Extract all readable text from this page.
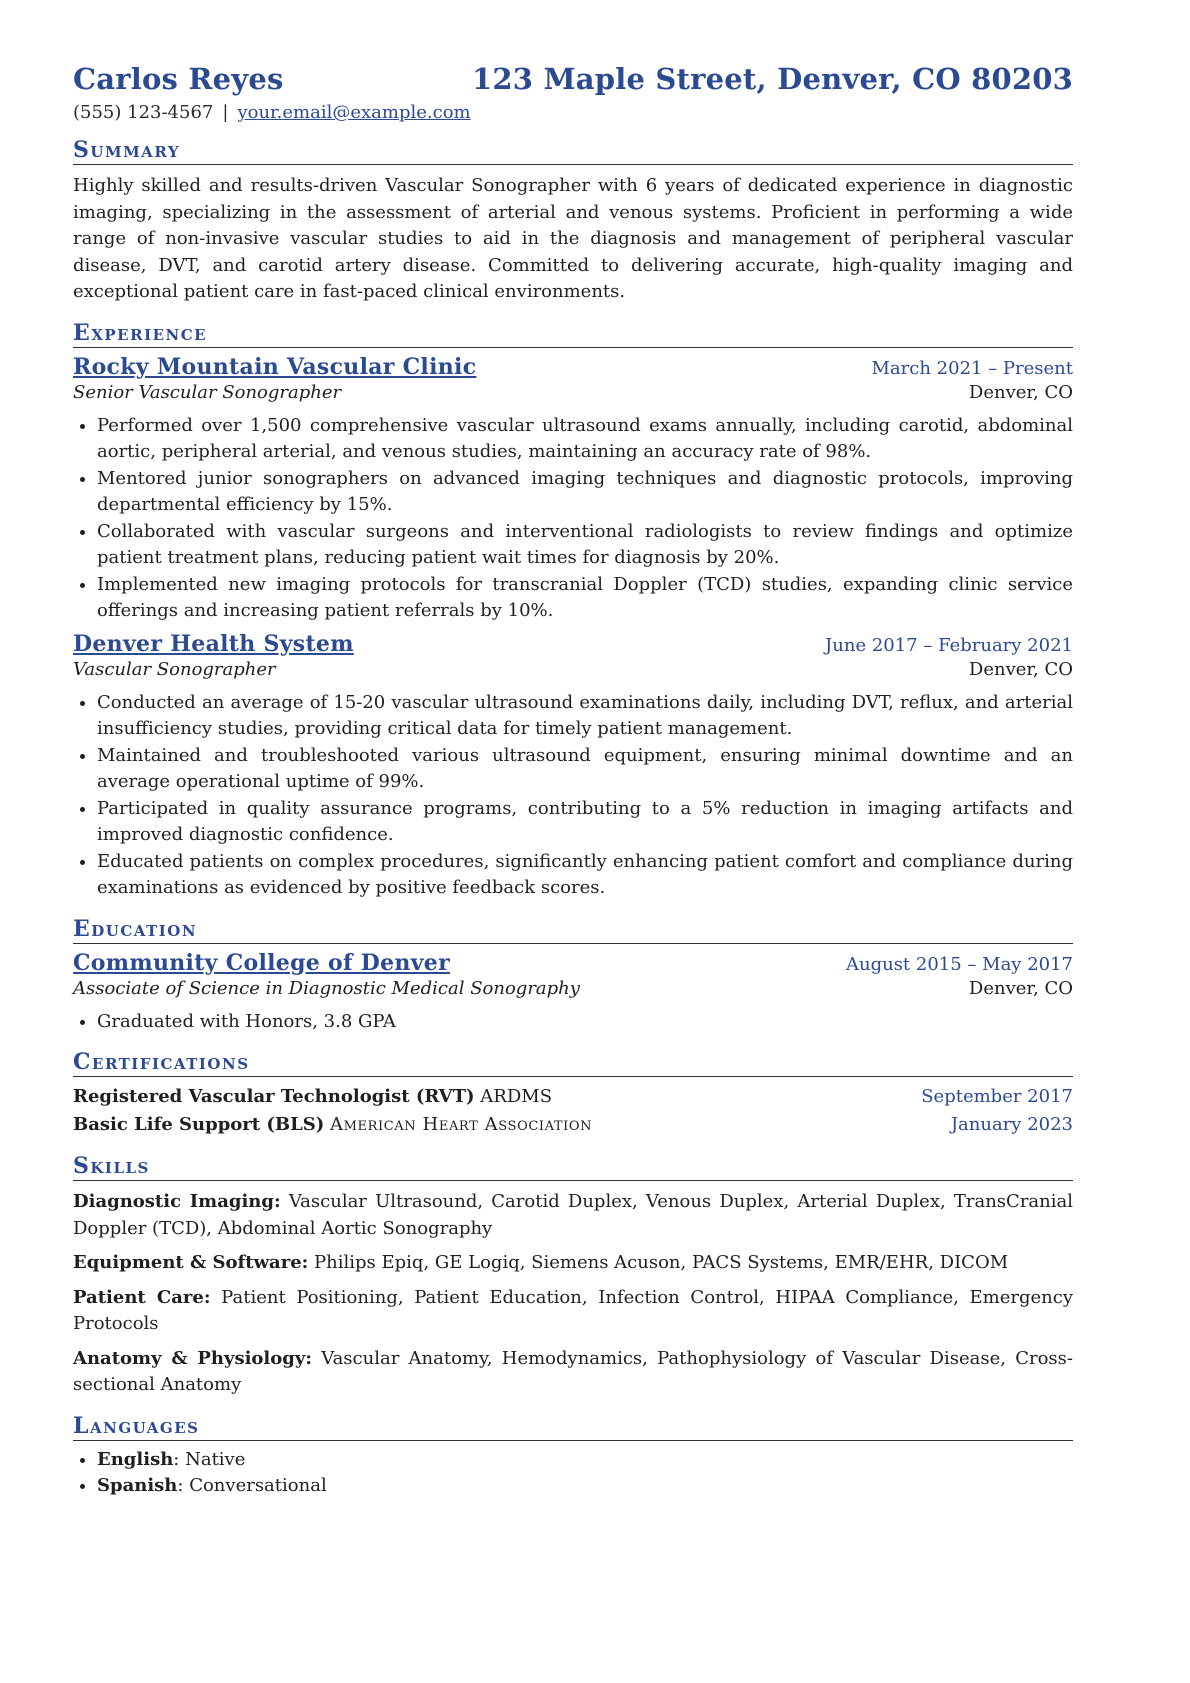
Carlos Reyes	123 Maple Street, Denver, CO 80203
(555) 123-4567 | your.email@example.com
Summary
Highly skilled and results-driven Vascular Sonographer with 6 years of dedicated experience in diagnostic imaging, specializing in the assessment of arterial and venous systems. Proficient in performing a wide range of non-invasive vascular studies to aid in the diagnosis and management of peripheral vascular disease, DVT, and carotid artery disease. Committed to delivering accurate, high-quality imaging and exceptional patient care in fast-paced clinical environments.
Experience
Rocky Mountain Vascular Clinic	March 2021 – Present
Senior Vascular Sonographer	Denver, CO
• Performed over 1,500 comprehensive vascular ultrasound exams annually, including carotid, abdominal aortic, peripheral arterial, and venous studies, maintaining an accuracy rate of 98%.
• Mentored junior sonographers on advanced imaging techniques and diagnostic protocols, improving departmental efficiency by 15%.
• Collaborated with vascular surgeons and interventional radiologists to review findings and optimize patient treatment plans, reducing patient wait times for diagnosis by 20%.
• Implemented new imaging protocols for transcranial Doppler (TCD) studies, expanding clinic service offerings and increasing patient referrals by 10%.
Denver Health System	June 2017 – February 2021
Vascular Sonographer	Denver, CO
• Conducted an average of 15-20 vascular ultrasound examinations daily, including DVT, reflux, and arterial insufficiency studies, providing critical data for timely patient management.
• Maintained and troubleshooted various ultrasound equipment, ensuring minimal downtime and an average operational uptime of 99%.
• Participated in quality assurance programs, contributing to a 5% reduction in imaging artifacts and improved diagnostic confidence.
• Educated patients on complex procedures, significantly enhancing patient comfort and compliance during examinations as evidenced by positive feedback scores.
Education
Community College of Denver	August 2015 – May 2017
Associate of Science in Diagnostic Medical Sonography	Denver, CO
• Graduated with Honors, 3.8 GPA
Certifications
Registered Vascular Technologist (RVT) ARDMS	September 2017
Basic Life Support (BLS) American Heart Association	January 2023
Skills
Diagnostic Imaging: Vascular Ultrasound, Carotid Duplex, Venous Duplex, Arterial Duplex, TransCranial Doppler (TCD), Abdominal Aortic Sonography
Equipment & Software: Philips Epiq, GE Logiq, Siemens Acuson, PACS Systems, EMR/EHR, DICOM
Patient Care: Patient Positioning, Patient Education, Infection Control, HIPAA Compliance, Emergency Protocols
Anatomy & Physiology: Vascular Anatomy, Hemodynamics, Pathophysiology of Vascular Disease, Cross-sectional Anatomy
Languages
• English: Native
• Spanish: Conversational
